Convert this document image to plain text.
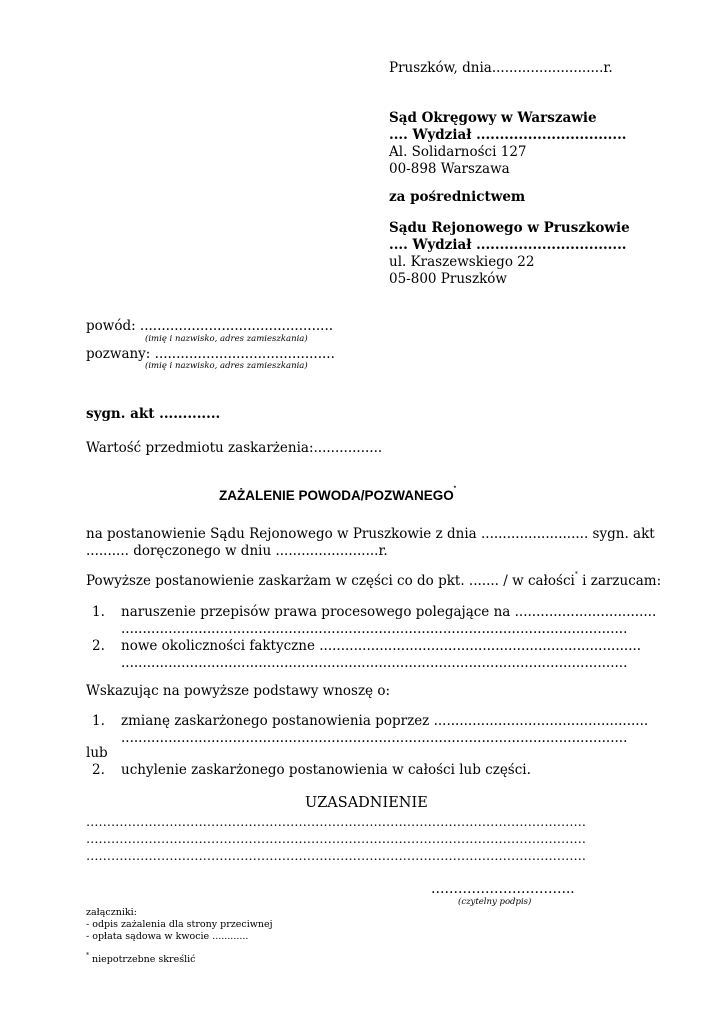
Pruszków, dnia..........................r.
Sąd Okręgowy w Warszawie
.... Wydział ................................
Al. Solidarności 127
00-898 Warszawa
za pośrednictwem
Sądu Rejonowego w Pruszkowie
.... Wydział ................................
ul. Kraszewskiego 22
05-800 Pruszków
powód: .............................................
(imię i nazwisko, adres zamieszkania)
pozwany: ..........................................
(imię i nazwisko, adres zamieszkania)
sygn. akt .............
Wartość przedmiotu zaskarżenia:................
ZAŻALENIE POWODA/POZWANEGO*
na postanowienie Sądu Rejonowego w Pruszkowie z dnia ......................... sygn. akt
.......... doręczonego w dniu ........................r.
Powyższe postanowienie zaskarżam w części co do pkt. ....... / w całości* i zarzucam:
1. naruszenie przepisów prawa procesowego polegające na .................................
......................................................................................................................
2. nowe okoliczności faktyczne ...........................................................................
......................................................................................................................
Wskazując na powyższe podstawy wnoszę o:
1. zmianę zaskarżonego postanowienia poprzez ..................................................
......................................................................................................................
lub
2. uchylenie zaskarżonego postanowienia w całości lub części.
UZASADNIENIE
…………………………………………………………………………………………………………
…………………………………………………………………………………………………………
…………………………………………………………………………………………………………
…………………………..
(czytelny podpis)
załączniki:
- odpis zażalenia dla strony przeciwnej
- opłata sądowa w kwocie ............
* niepotrzebne skreślić
